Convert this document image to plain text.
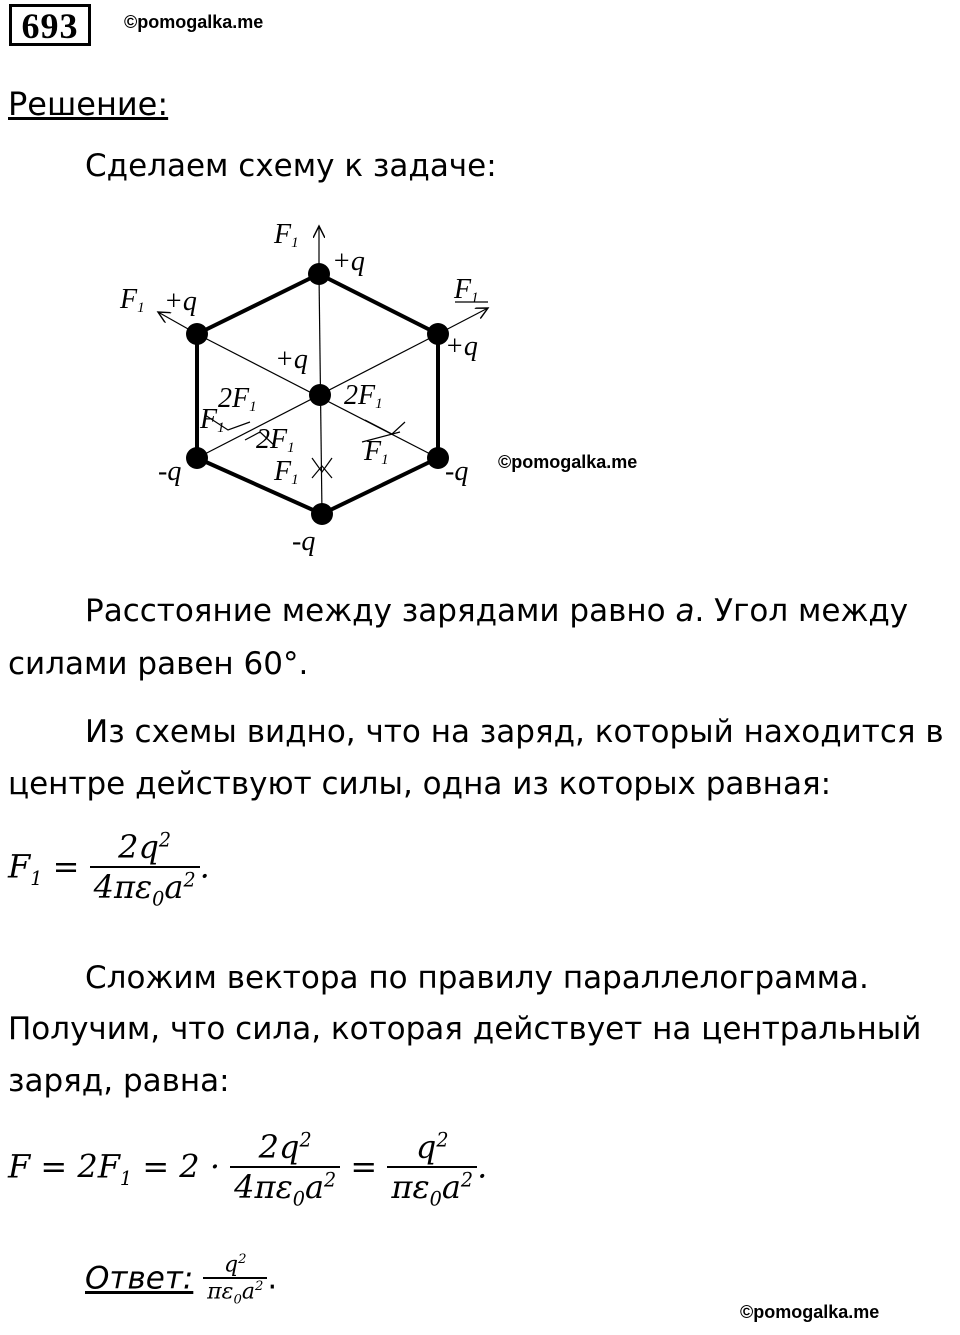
693	©pomogalka.me
Решение:
Сделаем схему к задаче:
F1
+q
F1 +q	F1
+q
+q
2F1	2F1
2F1
F1
F1
F1
-q	-q
-q
©pomogalka.me
Расстояние между зарядами равно a. Угол между
силами равен 60°.
Из схемы видно, что на заряд, который находится в
центре действуют силы, одна из которых равная:
$F_1 = \frac{2q^2}{4\pi\varepsilon_0a^2}$ .
Сложим вектора по правилу параллелограмма.
Получим, что сила, которая действует на центральный
заряд, равна:
$F = 2F_1 = 2 \cdot \frac{2q^2}{4\pi\varepsilon_0a^2} = \frac{q^2}{\pi\varepsilon_0a^2}$ .
Ответ: $\frac{q^2}{\pi\varepsilon_0a^2}$ .
©pomogalka.me
